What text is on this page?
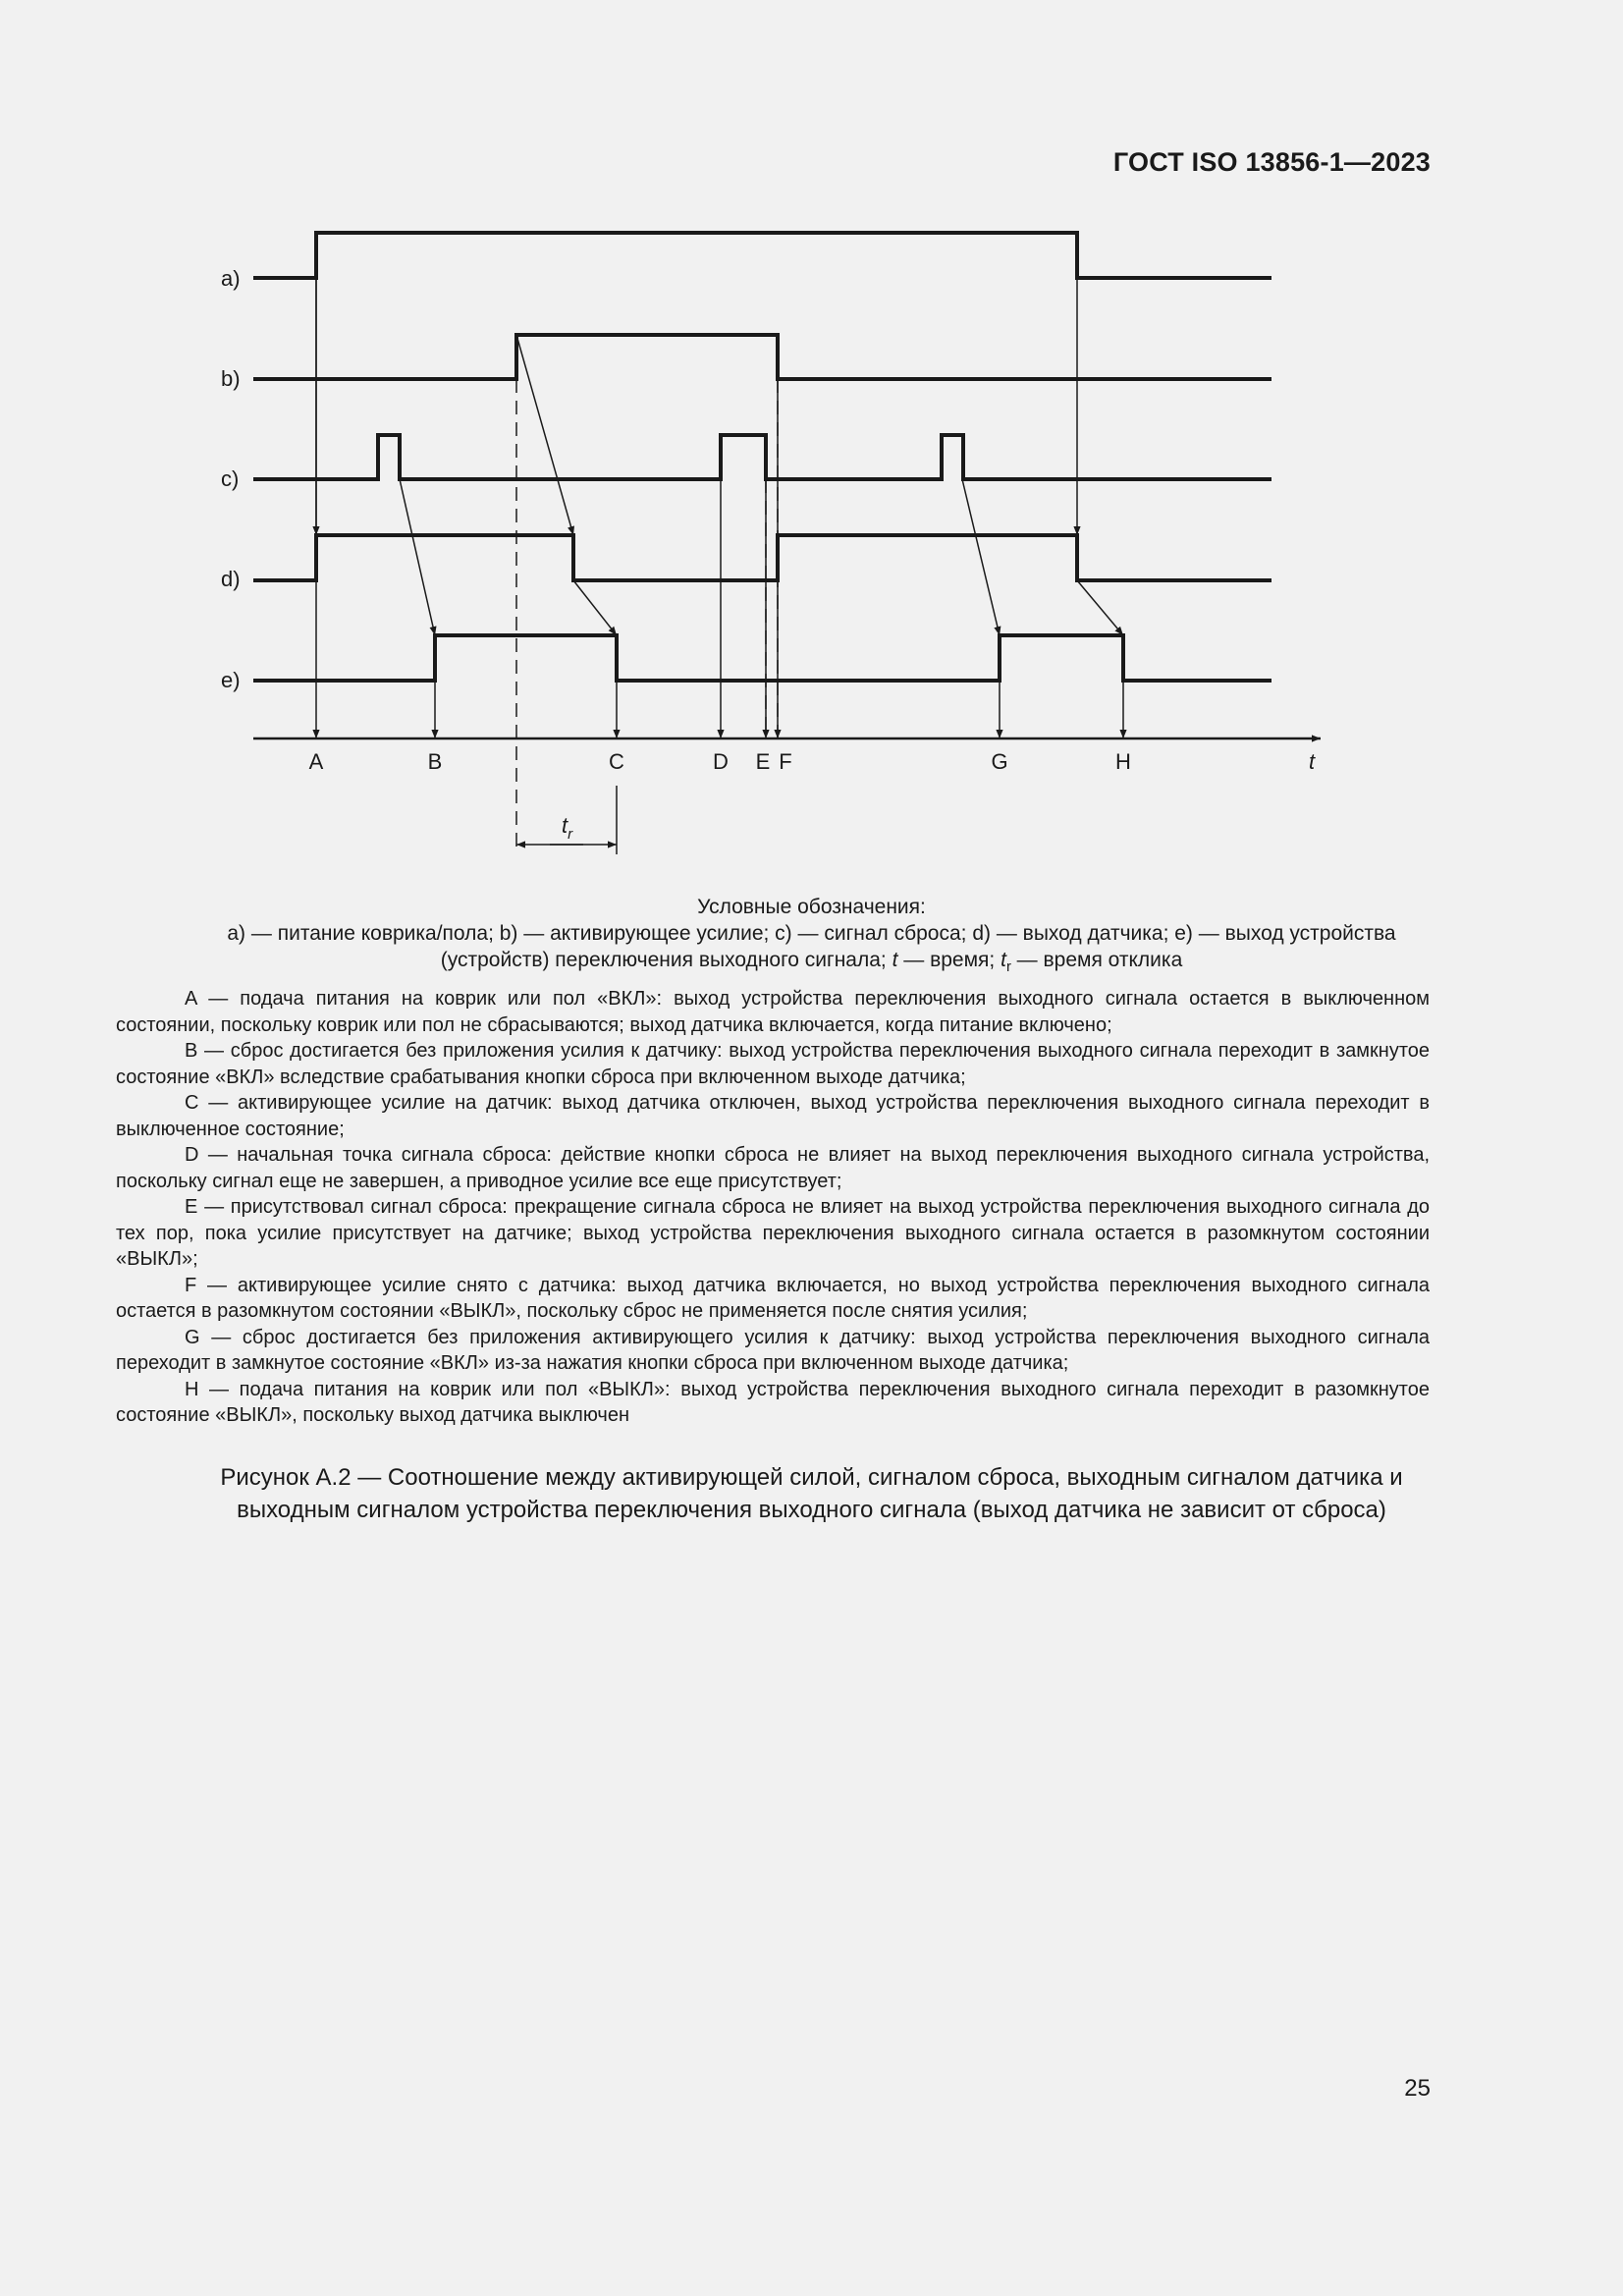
ГОСТ ISO 13856-1—2023
a)
b)
c)
d)
e)
$t_r$
A	B	C	D E F	G	H	t
Условные обозначения:
a) — питание коврика/пола; b) — активирующее усилие; c) — сигнал сброса; d) — выход датчика; e) — выход устройства
(устройств) переключения выходного сигнала; t — время; $t_r$ — время отклика

A — подача питания на коврик или пол «ВКЛ»: выход устройства переключения выходного сигнала остается в выключенном состоянии, поскольку коврик или пол не сбрасываются; выход датчика включается, когда питание включено;

B — сброс достигается без приложения усилия к датчику: выход устройства переключения выходного сигнала переходит в замкнутое состояние «ВКЛ» вследствие срабатывания кнопки сброса при включенном выходе датчика;

C — активирующее усилие на датчик: выход датчика отключен, выход устройства переключения выходного сигнала переходит в выключенное состояние;

D — начальная точка сигнала сброса: действие кнопки сброса не влияет на выход переключения выходного сигнала устройства, поскольку сигнал еще не завершен, а приводное усилие все еще присутствует;

E — присутствовал сигнал сброса: прекращение сигнала сброса не влияет на выход устройства переключения выходного сигнала до тех пор, пока усилие присутствует на датчике; выход устройства переключения выходного сигнала остается в разомкнутом состоянии «ВЫКЛ»;

F — активирующее усилие снято с датчика: выход датчика включается, но выход устройства переключения выходного сигнала остается в разомкнутом состоянии «ВЫКЛ», поскольку сброс не применяется после снятия усилия;

G — сброс достигается без приложения активирующего усилия к датчику: выход устройства переключения выходного сигнала переходит в замкнутое состояние «ВКЛ» из-за нажатия кнопки сброса при включенном выходе датчика;

H — подача питания на коврик или пол «ВЫКЛ»: выход устройства переключения выходного сигнала переходит в разомкнутое состояние «ВЫКЛ», поскольку выход датчика выключен

Рисунок А.2 — Соотношение между активирующей силой, сигналом сброса, выходным сигналом датчика и
выходным сигналом устройства переключения выходного сигнала (выход датчика не зависит от сброса)
25
